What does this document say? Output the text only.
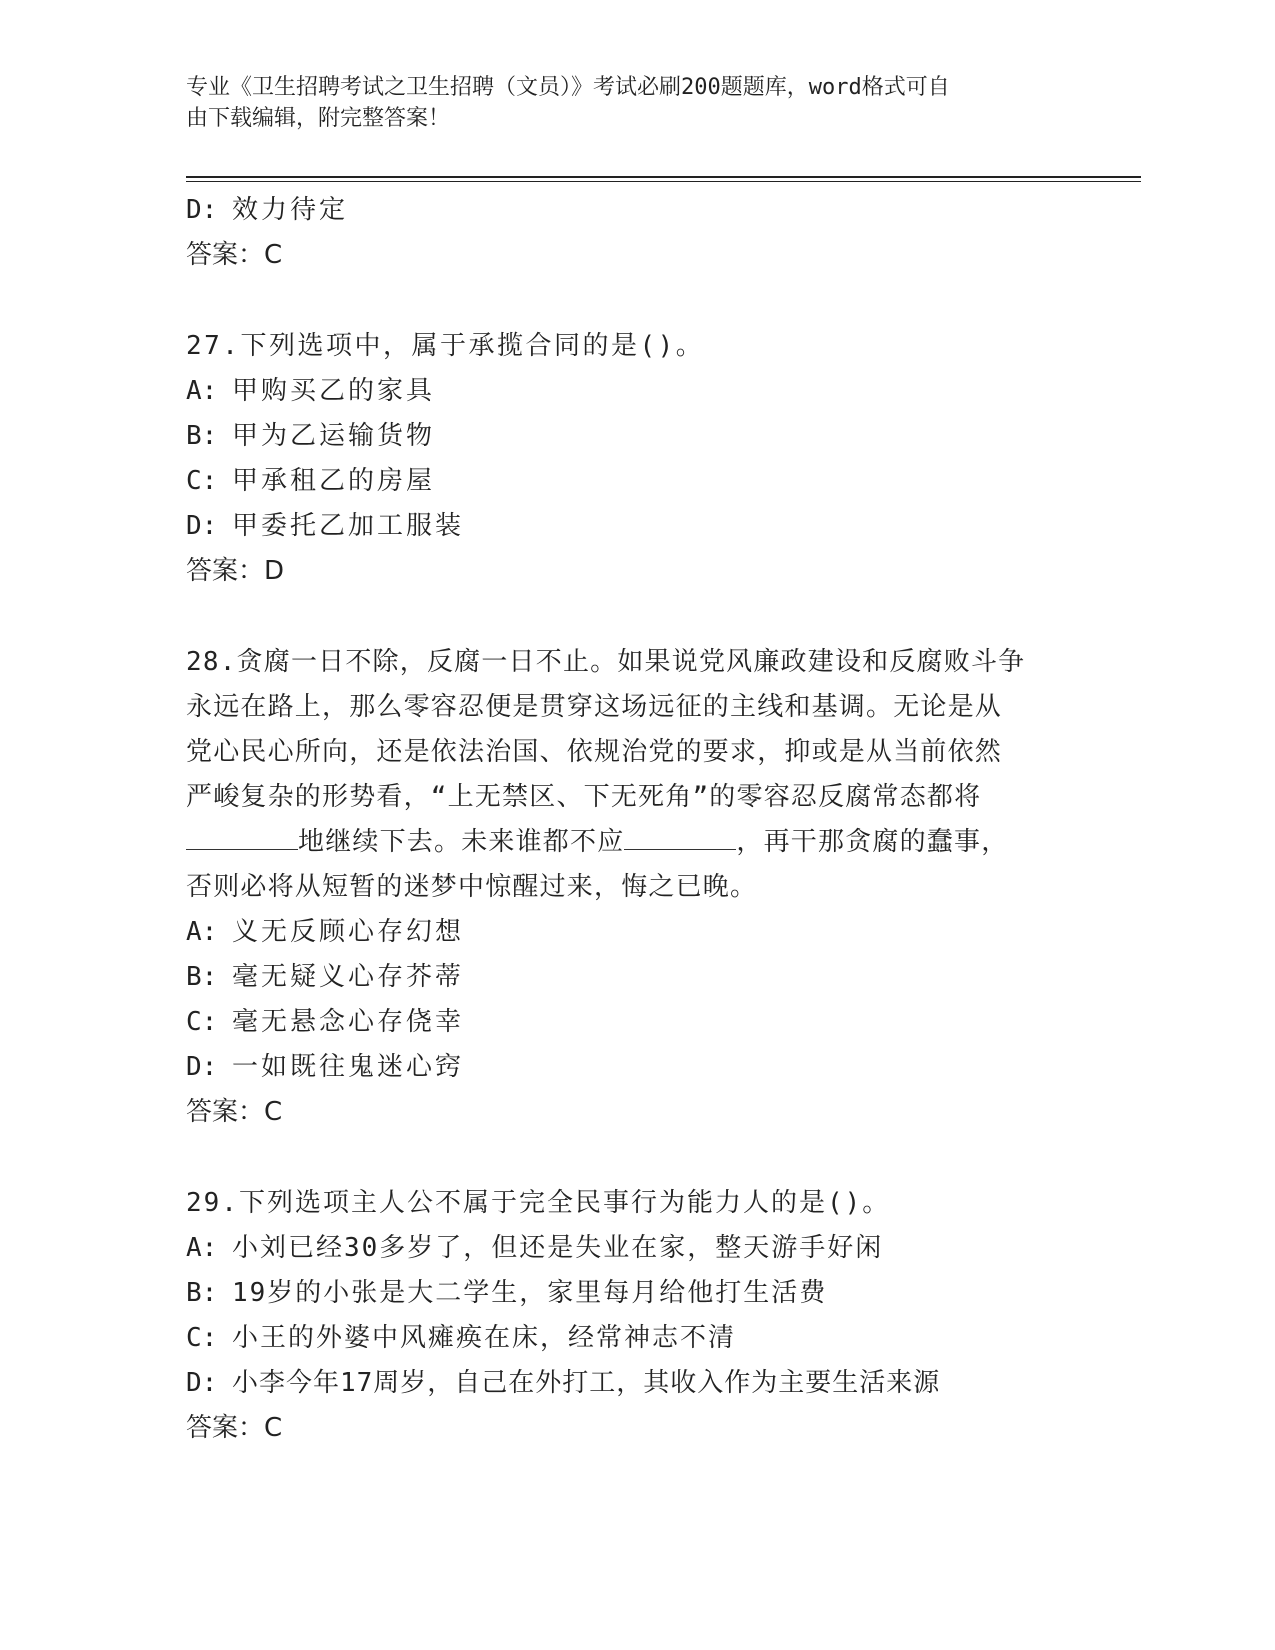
专业《卫生招聘考试之卫生招聘（文员）》考试必刷200题题库，word格式可自
由下载编辑，附完整答案！
D: 效力待定
答案：C
27.下列选项中，属于承揽合同的是()。
A: 甲购买乙的家具
B: 甲为乙运输货物
C: 甲承租乙的房屋
D: 甲委托乙加工服装
答案：D
28.贪腐一日不除，反腐一日不止。如果说党风廉政建设和反腐败斗争
永远在路上，那么零容忍便是贯穿这场远征的主线和基调。无论是从
党心民心所向，还是依法治国、依规治党的要求，抑或是从当前依然
严峻复杂的形势看，“上无禁区、下无死角”的零容忍反腐常态都将
地继续下去。未来谁都不应	，再干那贪腐的蠢事，
否则必将从短暂的迷梦中惊醒过来，悔之已晚。
A: 义无反顾心存幻想
B: 毫无疑义心存芥蒂
C: 毫无悬念心存侥幸
D: 一如既往鬼迷心窍
答案：C
29.下列选项主人公不属于完全民事行为能力人的是()。
A: 小刘已经30多岁了，但还是失业在家，整天游手好闲
B: 19岁的小张是大二学生，家里每月给他打生活费
C: 小王的外婆中风瘫痪在床，经常神志不清
D: 小李今年17周岁，自己在外打工，其收入作为主要生活来源
答案：C
